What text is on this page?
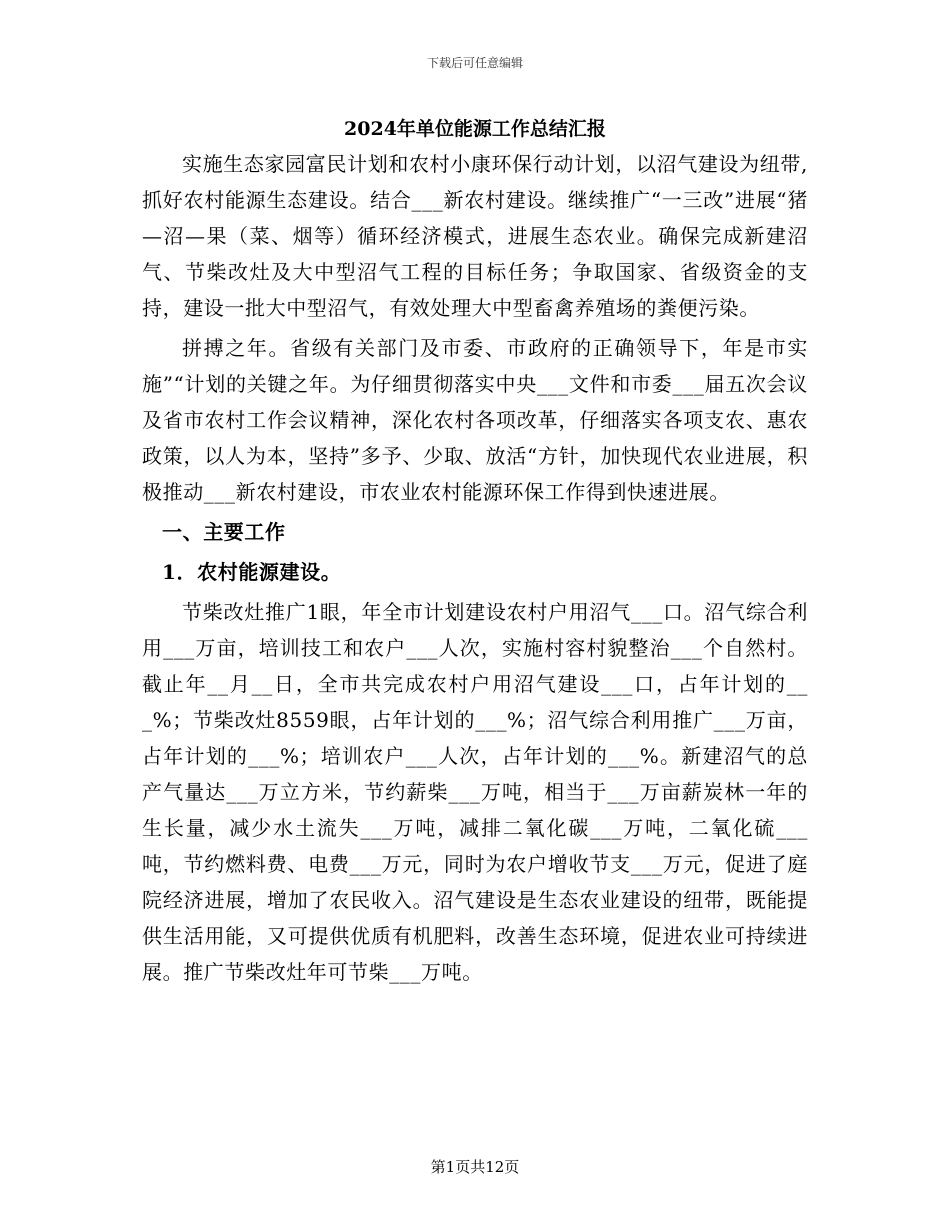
下载后可任意编辑
2024年单位能源工作总结汇报

实施生态家园富民计划和农村小康环保行动计划，以沼气建设为纽带,抓好农村能源生态建设。结合___新农村建设。继续推广“一三改”进展“猪—沼—果（菜、烟等）循环经济模式，进展生态农业。确保完成新建沼气、节柴改灶及大中型沼气工程的目标任务；争取国家、省级资金的支持，建设一批大中型沼气，有效处理大中型畜禽养殖场的粪便污染。

拼搏之年。省级有关部门及市委、市政府的正确领导下，年是市实施”“计划的关键之年。为仔细贯彻落实中央___文件和市委___届五次会议及省市农村工作会议精神，深化农村各项改革，仔细落实各项支农、惠农政策，以人为本，坚持”多予、少取、放活“方针，加快现代农业进展，积极推动___新农村建设，市农业农村能源环保工作得到快速进展。

一、主要工作
1．农村能源建设。

节柴改灶推广1眼，年全市计划建设农村户用沼气___口。沼气综合利用___万亩，培训技工和农户___人次，实施村容村貌整治___个自然村。截止年__月__日，全市共完成农村户用沼气建设___口，占年计划的___%；节柴改灶8559眼，占年计划的___%；沼气综合利用推广___万亩，占年计划的___%；培训农户___人次，占年计划的___%。新建沼气的总产气量达___万立方米，节约薪柴___万吨，相当于___万亩薪炭林一年的生长量，减少水土流失___万吨，减排二氧化碳___万吨，二氧化硫___吨，节约燃料费、电费___万元，同时为农户增收节支___万元，促进了庭院经济进展，增加了农民收入。沼气建设是生态农业建设的纽带，既能提供生活用能，又可提供优质有机肥料，改善生态环境，促进农业可持续进展。推广节柴改灶年可节柴___万吨。

第1页共12页
